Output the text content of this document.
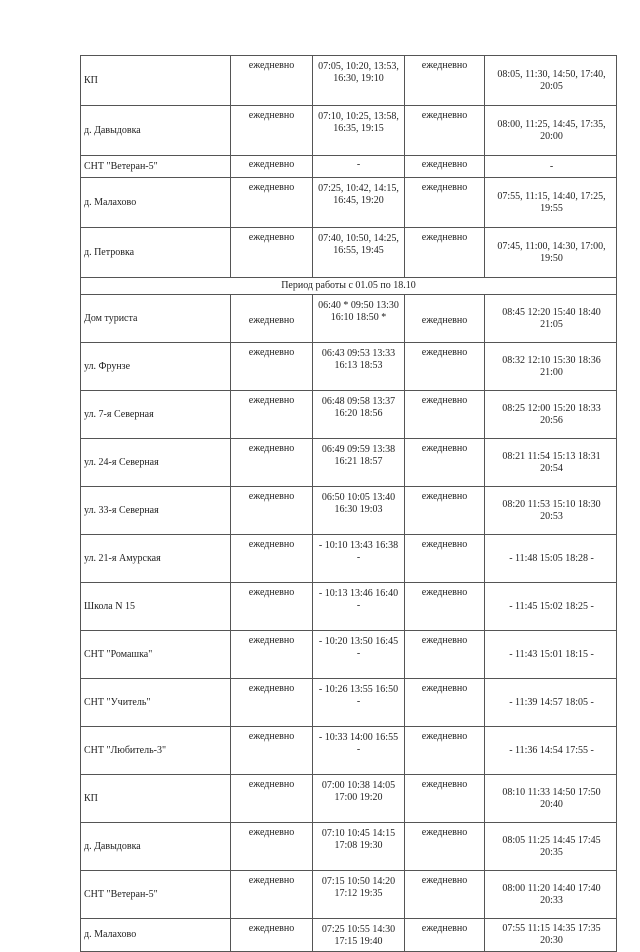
КП	ежедневно	07:05, 10:20, 13:53, 16:30, 19:10	ежедневно	08:05, 11:30, 14:50, 17:40, 20:05
д. Давыдовка	ежедневно	07:10, 10:25, 13:58, 16:35, 19:15	ежедневно	08:00, 11:25, 14:45, 17:35, 20:00
СНТ "Ветеран-5"	ежедневно	-	ежедневно	-
д. Малахово	ежедневно	07:25, 10:42, 14:15, 16:45, 19:20	ежедневно	07:55, 11:15, 14:40, 17:25, 19:55
д. Петровка	ежедневно	07:40, 10:50, 14:25, 16:55, 19:45	ежедневно	07:45, 11:00, 14:30, 17:00, 19:50
Период работы с 01.05 по 18.10				
Дом туриста	ежедневно	06:40 * 09:50 13:30 16:10 18:50 *	ежедневно	08:45 12:20 15:40 18:40 21:05
ул. Фрунзе	ежедневно	06:43 09:53 13:33 16:13 18:53	ежедневно	08:32 12:10 15:30 18:36 21:00
ул. 7-я Северная	ежедневно	06:48 09:58 13:37 16:20 18:56	ежедневно	08:25 12:00 15:20 18:33 20:56
ул. 24-я Северная	ежедневно	06:49 09:59 13:38 16:21 18:57	ежедневно	08:21 11:54 15:13 18:31 20:54
ул. 33-я Северная	ежедневно	06:50 10:05 13:40 16:30 19:03	ежедневно	08:20 11:53 15:10 18:30 20:53
ул. 21-я Амурская	ежедневно	- 10:10 13:43 16:38 -	ежедневно	- 11:48 15:05 18:28 -
Школа N 15	ежедневно	- 10:13 13:46 16:40 -	ежедневно	- 11:45 15:02 18:25 -
СНТ "Ромашка"	ежедневно	- 10:20 13:50 16:45 -	ежедневно	- 11:43 15:01 18:15 -
СНТ "Учитель"	ежедневно	- 10:26 13:55 16:50 -	ежедневно	- 11:39 14:57 18:05 -
СНТ "Любитель-3"	ежедневно	- 10:33 14:00 16:55 -	ежедневно	- 11:36 14:54 17:55 -
КП	ежедневно	07:00 10:38 14:05 17:00 19:20	ежедневно	08:10 11:33 14:50 17:50 20:40
д. Давыдовка	ежедневно	07:10 10:45 14:15 17:08 19:30	ежедневно	08:05 11:25 14:45 17:45 20:35
СНТ "Ветеран-5"	ежедневно	07:15 10:50 14:20 17:12 19:35	ежедневно	08:00 11:20 14:40 17:40 20:33
д. Малахово	ежедневно	07:25 10:55 14:30 17:15 19:40	ежедневно	07:55 11:15 14:35 17:35 20:30
